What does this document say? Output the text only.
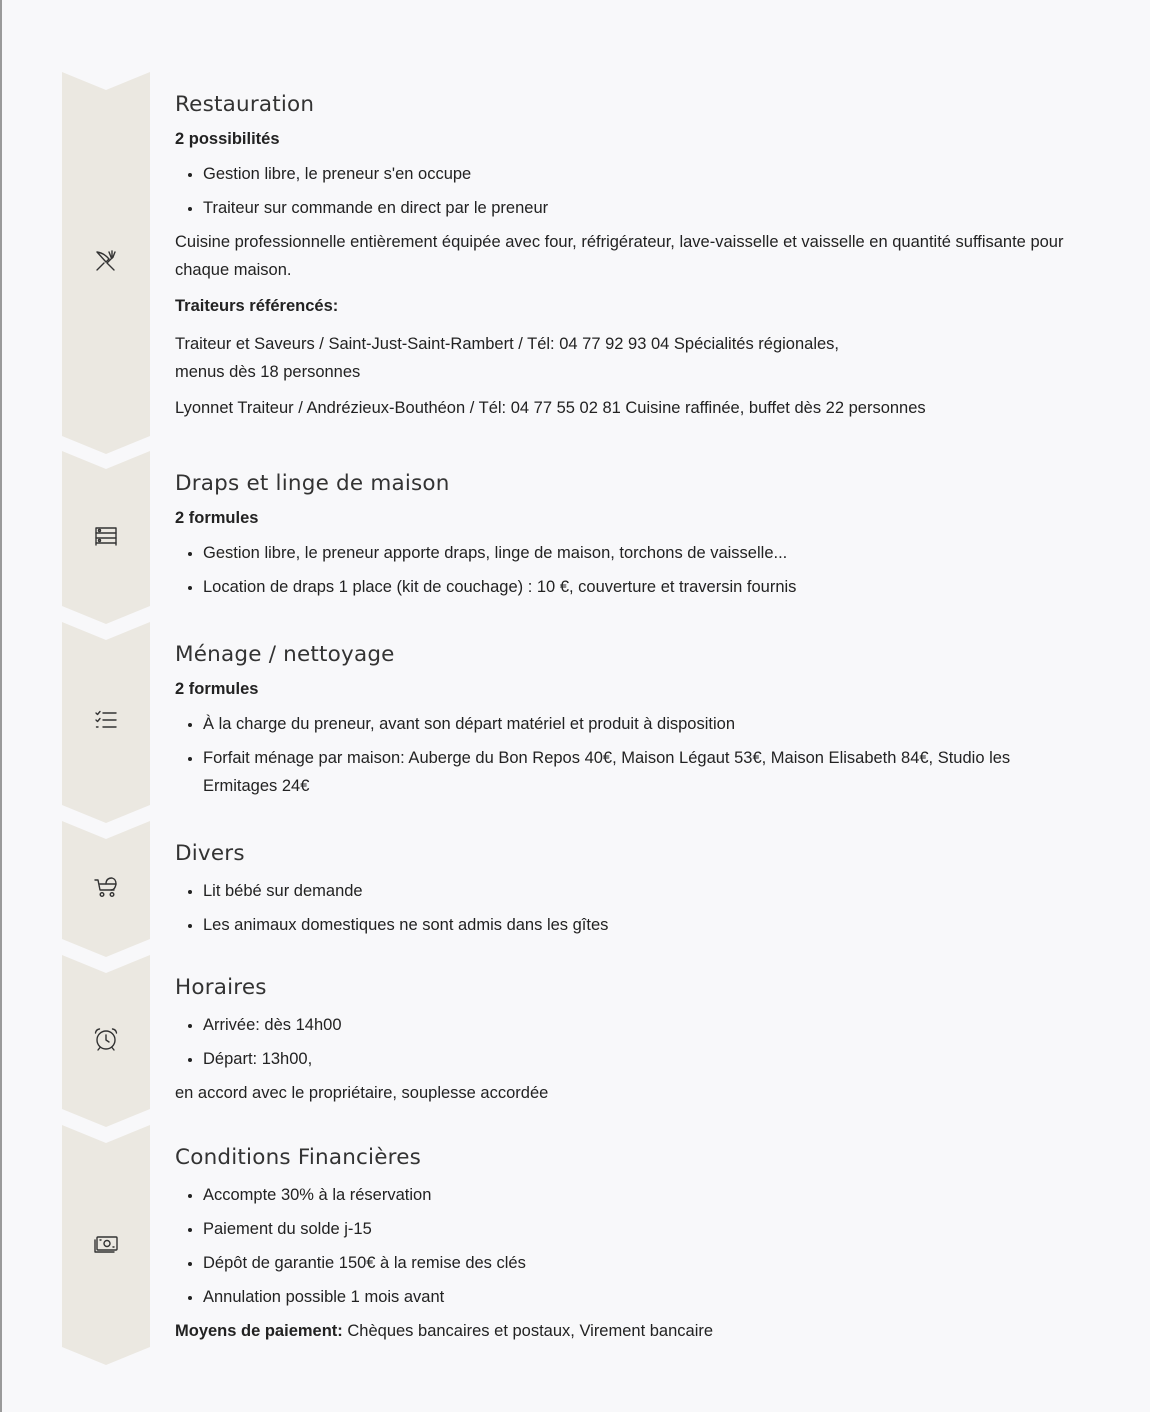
Restauration
2 possibilités
• Gestion libre, le preneur s'en occupe
• Traiteur sur commande en direct par le preneur

Cuisine professionnelle entièrement équipée avec four, réfrigérateur, lave-vaisselle et vaisselle en quantité suffisante pour chaque maison.

Traiteurs référencés:

Traiteur et Saveurs / Saint-Just-Saint-Rambert / Tél: 04 77 92 93 04 Spécialités régionales,
menus dès 18 personnes

Lyonnet Traiteur / Andrézieux-Bouthéon / Tél: 04 77 55 02 81 Cuisine raffinée, buffet dès 22 personnes

Draps et linge de maison
2 formules
• Gestion libre, le preneur apporte draps, linge de maison, torchons de vaisselle...
• Location de draps 1 place (kit de couchage) : 10 €, couverture et traversin fournis
Ménage / nettoyage
2 formules
• À la charge du preneur, avant son départ matériel et produit à disposition
• Forfait ménage par maison: Auberge du Bon Repos 40€, Maison Légaut 53€, Maison Elisabeth 84€, Studio les Ermitages 24€
Divers
• Lit bébé sur demande
• Les animaux domestiques ne sont admis dans les gîtes
Horaires
• Arrivée: dès 14h00
• Départ: 13h00,

en accord avec le propriétaire, souplesse accordée

Conditions Financières
• Accompte 30% à la réservation
• Paiement du solde j-15
• Dépôt de garantie 150€ à la remise des clés
• Annulation possible 1 mois avant

Moyens de paiement: Chèques bancaires et postaux, Virement bancaire
